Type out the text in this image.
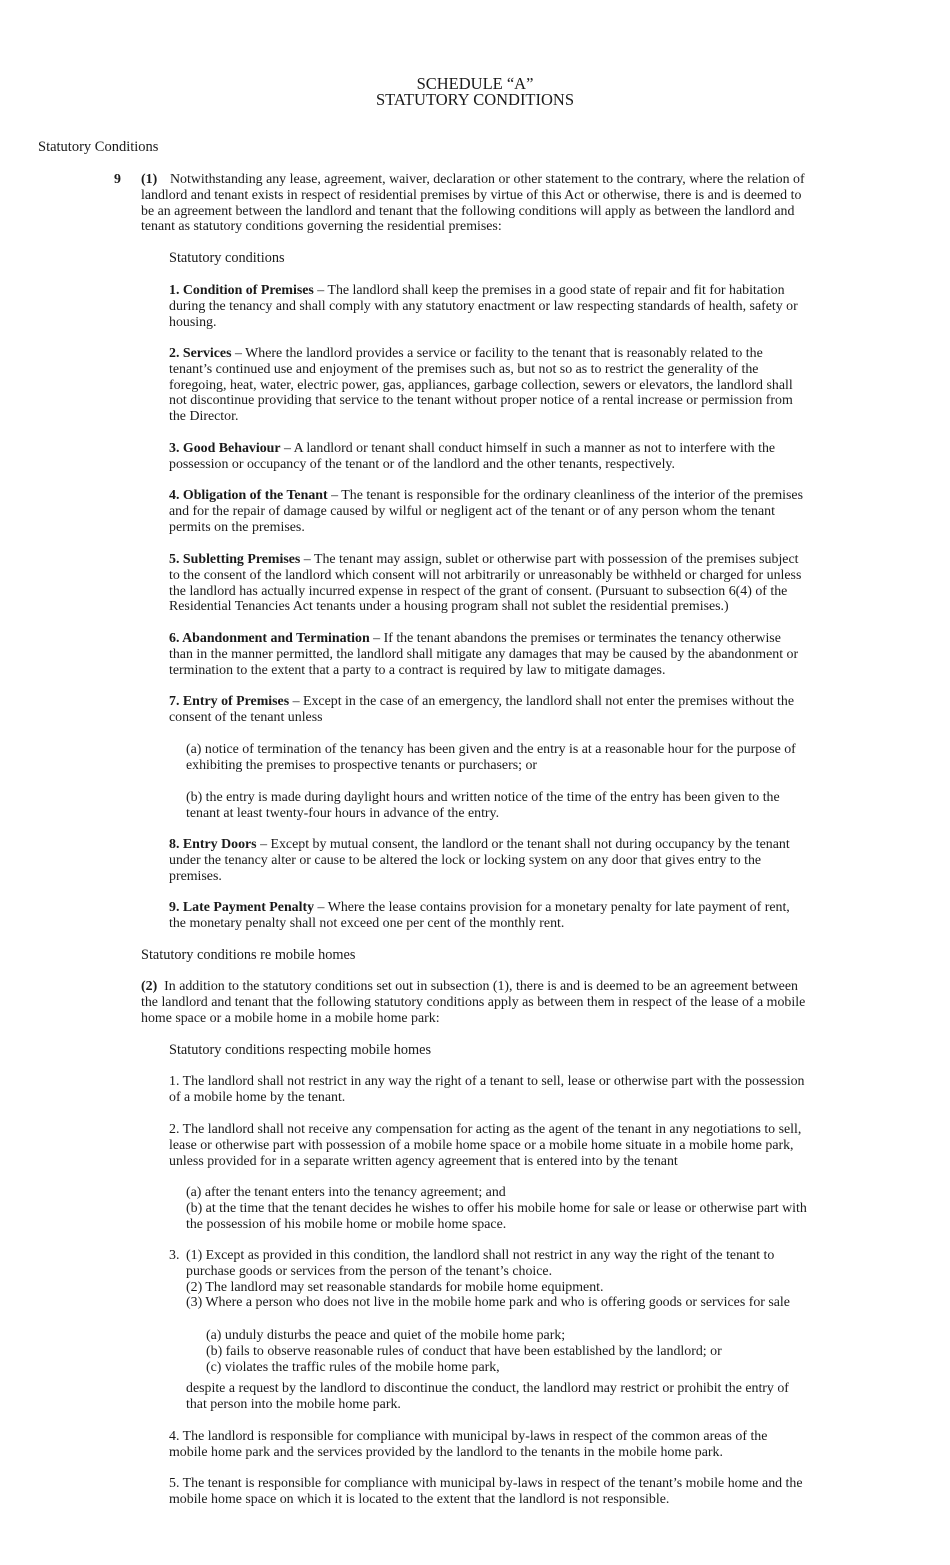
SCHEDULE “A”
STATUTORY CONDITIONS
Statutory Conditions
9 (1) Notwithstanding any lease, agreement, waiver, declaration or other statement to the contrary, where the relation of
landlord and tenant exists in respect of residential premises by virtue of this Act or otherwise, there is and is deemed to
be an agreement between the landlord and tenant that the following conditions will apply as between the landlord and
tenant as statutory conditions governing the residential premises:
Statutory conditions
1. Condition of Premises – The landlord shall keep the premises in a good state of repair and fit for habitation
during the tenancy and shall comply with any statutory enactment or law respecting standards of health, safety or
housing.
2. Services – Where the landlord provides a service or facility to the tenant that is reasonably related to the
tenant’s continued use and enjoyment of the premises such as, but not so as to restrict the generality of the
foregoing, heat, water, electric power, gas, appliances, garbage collection, sewers or elevators, the landlord shall
not discontinue providing that service to the tenant without proper notice of a rental increase or permission from
the Director.
3. Good Behaviour – A landlord or tenant shall conduct himself in such a manner as not to interfere with the
possession or occupancy of the tenant or of the landlord and the other tenants, respectively.
4. Obligation of the Tenant – The tenant is responsible for the ordinary cleanliness of the interior of the premises
and for the repair of damage caused by wilful or negligent act of the tenant or of any person whom the tenant
permits on the premises.
5. Subletting Premises – The tenant may assign, sublet or otherwise part with possession of the premises subject
to the consent of the landlord which consent will not arbitrarily or unreasonably be withheld or charged for unless
the landlord has actually incurred expense in respect of the grant of consent. (Pursuant to subsection 6(4) of the
Residential Tenancies Act tenants under a housing program shall not sublet the residential premises.)
6. Abandonment and Termination – If the tenant abandons the premises or terminates the tenancy otherwise
than in the manner permitted, the landlord shall mitigate any damages that may be caused by the abandonment or
termination to the extent that a party to a contract is required by law to mitigate damages.
7. Entry of Premises – Except in the case of an emergency, the landlord shall not enter the premises without the
consent of the tenant unless
(a) notice of termination of the tenancy has been given and the entry is at a reasonable hour for the purpose of
exhibiting the premises to prospective tenants or purchasers; or
(b) the entry is made during daylight hours and written notice of the time of the entry has been given to the
tenant at least twenty-four hours in advance of the entry.
8. Entry Doors – Except by mutual consent, the landlord or the tenant shall not during occupancy by the tenant
under the tenancy alter or cause to be altered the lock or locking system on any door that gives entry to the
premises.
9. Late Payment Penalty – Where the lease contains provision for a monetary penalty for late payment of rent,
the monetary penalty shall not exceed one per cent of the monthly rent.
Statutory conditions re mobile homes
(2) In addition to the statutory conditions set out in subsection (1), there is and is deemed to be an agreement between
the landlord and tenant that the following statutory conditions apply as between them in respect of the lease of a mobile
home space or a mobile home in a mobile home park:
Statutory conditions respecting mobile homes
1. The landlord shall not restrict in any way the right of a tenant to sell, lease or otherwise part with the possession
of a mobile home by the tenant.
2. The landlord shall not receive any compensation for acting as the agent of the tenant in any negotiations to sell,
lease or otherwise part with possession of a mobile home space or a mobile home situate in a mobile home park,
unless provided for in a separate written agency agreement that is entered into by the tenant
(a) after the tenant enters into the tenancy agreement; and
(b) at the time that the tenant decides he wishes to offer his mobile home for sale or lease or otherwise part with
the possession of his mobile home or mobile home space.
3. (1) Except as provided in this condition, the landlord shall not restrict in any way the right of the tenant to
purchase goods or services from the person of the tenant’s choice.
(2) The landlord may set reasonable standards for mobile home equipment.
(3) Where a person who does not live in the mobile home park and who is offering goods or services for sale
(a) unduly disturbs the peace and quiet of the mobile home park;
(b) fails to observe reasonable rules of conduct that have been established by the landlord; or
(c) violates the traffic rules of the mobile home park,
despite a request by the landlord to discontinue the conduct, the landlord may restrict or prohibit the entry of
that person into the mobile home park.
4. The landlord is responsible for compliance with municipal by-laws in respect of the common areas of the
mobile home park and the services provided by the landlord to the tenants in the mobile home park.
5. The tenant is responsible for compliance with municipal by-laws in respect of the tenant’s mobile home and the
mobile home space on which it is located to the extent that the landlord is not responsible.
